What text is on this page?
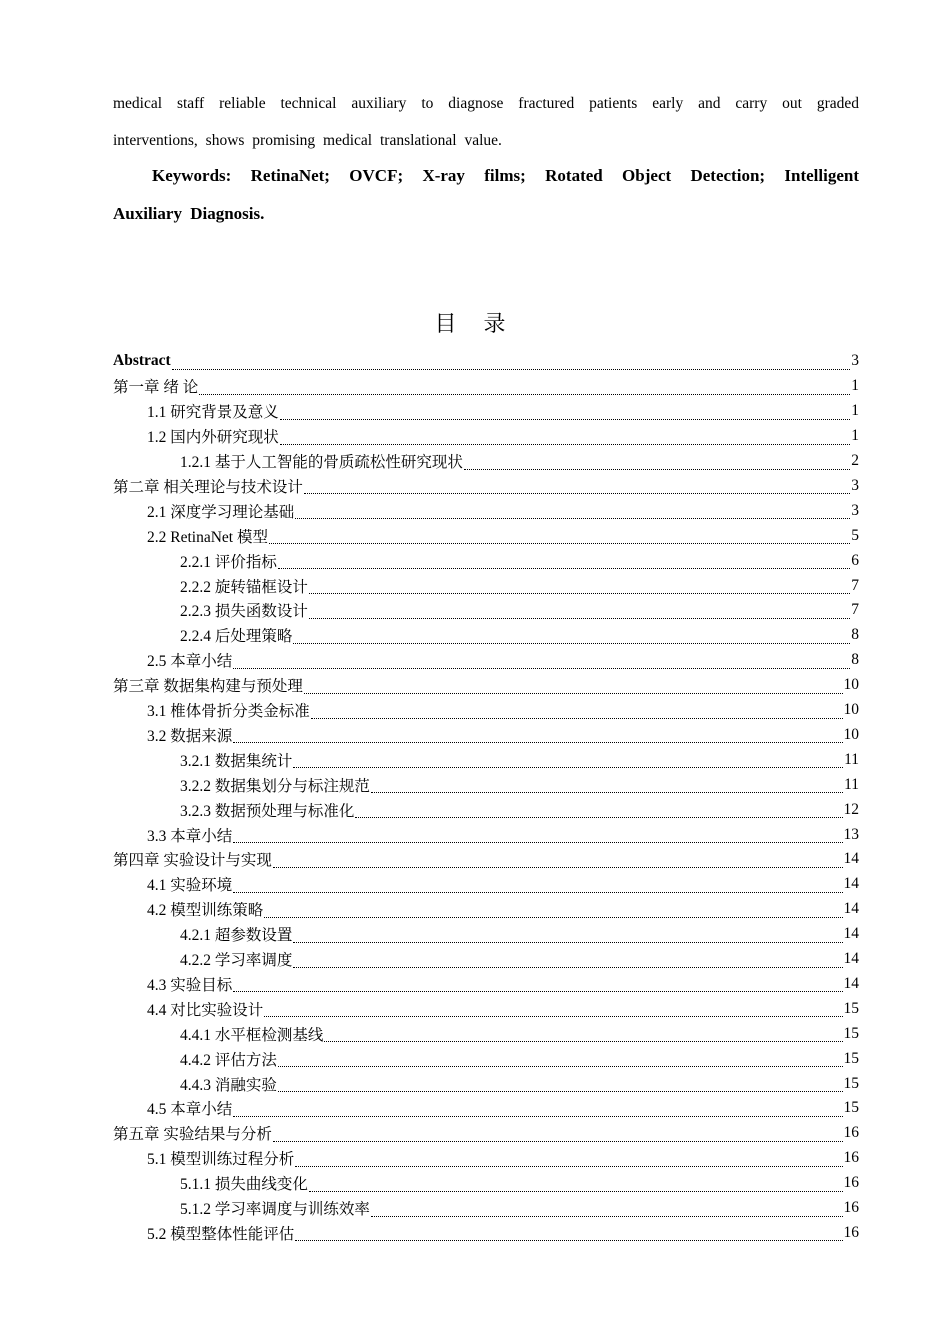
medical staff reliable technical auxiliary to diagnose fractured patients early and carry out graded
interventions, shows promising medical translational value.
Keywords: RetinaNet; OVCF; X-ray films; Rotated Object Detection; Intelligent
Auxiliary Diagnosis.
目 录
Abstract	3
第一章 绪 论	1
1.1 研究背景及意义	1
1.2 国内外研究现状	1
1.2.1 基于人工智能的骨质疏松性研究现状	2
第二章 相关理论与技术设计	3
2.1 深度学习理论基础	3
2.2 RetinaNet 模型	5
2.2.1 评价指标	6
2.2.2 旋转锚框设计	7
2.2.3 损失函数设计	7
2.2.4 后处理策略	8
2.5 本章小结	8
第三章 数据集构建与预处理	10
3.1 椎体骨折分类金标准	10
3.2 数据来源	10
3.2.1 数据集统计	11
3.2.2 数据集划分与标注规范	11
3.2.3 数据预处理与标准化	12
3.3 本章小结	13
第四章 实验设计与实现	14
4.1 实验环境	14
4.2 模型训练策略	14
4.2.1 超参数设置	14
4.2.2 学习率调度	14
4.3 实验目标	14
4.4 对比实验设计	15
4.4.1 水平框检测基线	15
4.4.2 评估方法	15
4.4.3 消融实验	15
4.5 本章小结	15
第五章 实验结果与分析	16
5.1 模型训练过程分析	16
5.1.1 损失曲线变化	16
5.1.2 学习率调度与训练效率	16
5.2 模型整体性能评估	16
